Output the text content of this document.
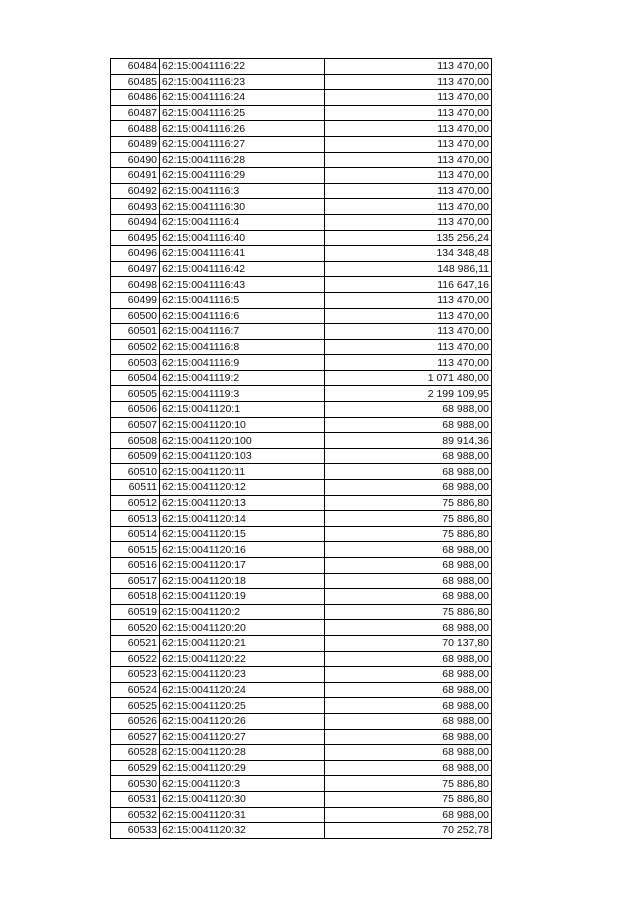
60484	62:15:0041116:22	113 470,00
60485	62:15:0041116:23	113 470,00
60486	62:15:0041116:24	113 470,00
60487	62:15:0041116:25	113 470,00
60488	62:15:0041116:26	113 470,00
60489	62:15:0041116:27	113 470,00
60490	62:15:0041116:28	113 470,00
60491	62:15:0041116:29	113 470,00
60492	62:15:0041116:3	113 470,00
60493	62:15:0041116:30	113 470,00
60494	62:15:0041116:4	113 470,00
60495	62:15:0041116:40	135 256,24
60496	62:15:0041116:41	134 348,48
60497	62:15:0041116:42	148 986,11
60498	62:15:0041116:43	116 647,16
60499	62:15:0041116:5	113 470,00
60500	62:15:0041116:6	113 470,00
60501	62:15:0041116:7	113 470,00
60502	62:15:0041116:8	113 470,00
60503	62:15:0041116:9	113 470,00
60504	62:15:0041119:2	1 071 480,00
60505	62:15:0041119:3	2 199 109,95
60506	62:15:0041120:1	68 988,00
60507	62:15:0041120:10	68 988,00
60508	62:15:0041120:100	89 914,36
60509	62:15:0041120:103	68 988,00
60510	62:15:0041120:11	68 988,00
60511	62:15:0041120:12	68 988,00
60512	62:15:0041120:13	75 886,80
60513	62:15:0041120:14	75 886,80
60514	62:15:0041120:15	75 886,80
60515	62:15:0041120:16	68 988,00
60516	62:15:0041120:17	68 988,00
60517	62:15:0041120:18	68 988,00
60518	62:15:0041120:19	68 988,00
60519	62:15:0041120:2	75 886,80
60520	62:15:0041120:20	68 988,00
60521	62:15:0041120:21	70 137,80
60522	62:15:0041120:22	68 988,00
60523	62:15:0041120:23	68 988,00
60524	62:15:0041120:24	68 988,00
60525	62:15:0041120:25	68 988,00
60526	62:15:0041120:26	68 988,00
60527	62:15:0041120:27	68 988,00
60528	62:15:0041120:28	68 988,00
60529	62:15:0041120:29	68 988,00
60530	62:15:0041120:3	75 886,80
60531	62:15:0041120:30	75 886,80
60532	62:15:0041120:31	68 988,00
60533	62:15:0041120:32	70 252,78
